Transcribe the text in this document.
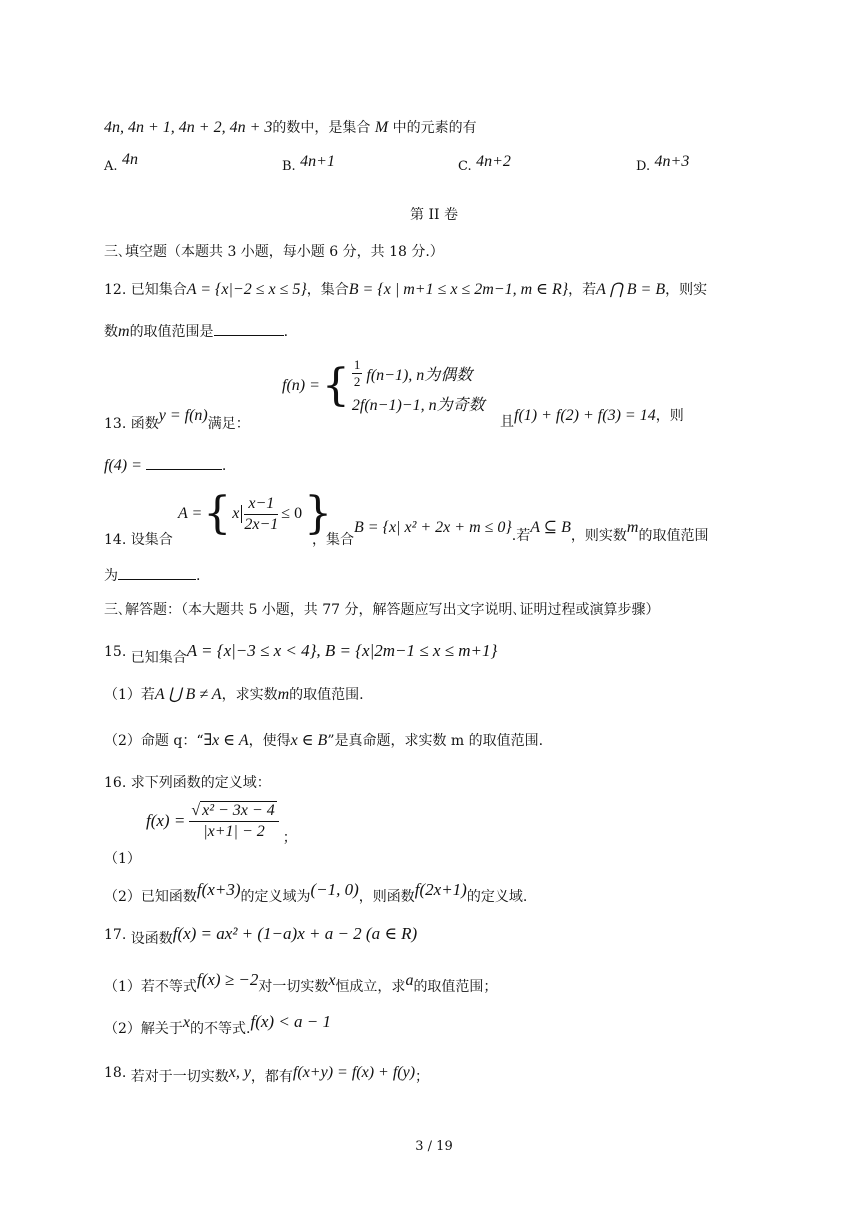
4n, 4n + 1, 4n + 2, 4n + 3的数中，是集合 M 中的元素的有
A. 4n	B. 4n+1	C. 4n+2	D. 4n+3
第 II 卷
三､填空题（本题共 3 小题，每小题 6 分，共 18 分.）
12. 已知集合A = {x|−2 ≤ x ≤ 5}，集合B = {x | m+1 ≤ x ≤ 2m−1, m ∈ R}，若A ⋂ B = B，则实
数m的取值范围是	.
f(n) = { $\frac{1}{2} f(n-1)$, n为偶数
2f(n−1)−1, n为奇数
13. 函数y = f(n)满足：	且f(1) + f(2) + f(3) = 14，则
f(4) =	.
A = { x $\frac{x-1}{2x-1} \le 0$ }
14. 设集合	，集合B = {x| x² + 2x + m ≤ 0}.若A ⊆ B，则实数m的取值范围
为	.
三､解答题：（本大题共 5 小题，共 77 分，解答题应写出文字说明､证明过程或演算步骤）
15. 已知集合A = {x|−3 ≤ x < 4}, B = {x|2m−1 ≤ x ≤ m+1}
（1）若A ⋃ B ≠ A，求实数m的取值范围.
（2）命题 q：“∃x ∈ A，使得x ∈ B”是真命题，求实数 m 的取值范围.
16. 求下列函数的定义域：
（1）
$f(x) = \frac{\text{√ x² − 3x − 4}}{|x+1| - 2}$ ；
（2）已知函数f(x+3)的定义域为(−1, 0)，则函数f(2x+1)的定义域.
17. 设函数f(x) = ax² + (1−a)x + a − 2 (a ∈ R)
（1）若不等式f(x) ≥ −2对一切实数x恒成立，求a的取值范围；
（2）解关于x的不等式.f(x) < a − 1
18. 若对于一切实数x, y，都有f(x+y) = f(x) + f(y)；
3 / 19
